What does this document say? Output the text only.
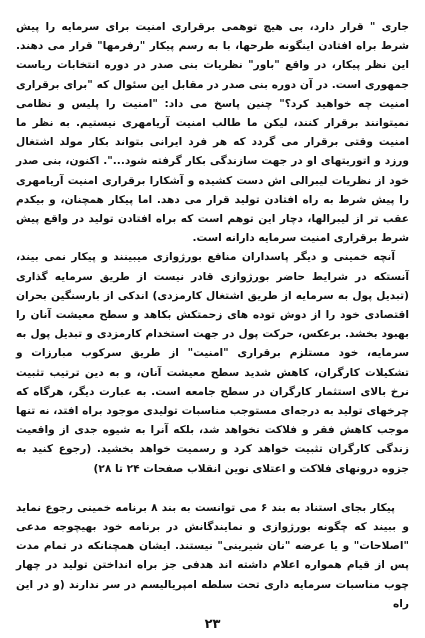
جاری " قرار دارد، بی هیچ توهمی برقراری امنیت برای سرمایه را پیش شرط براه افتادن اینگونه طرحها، با به رسم پیکار "رفرمها" قرار می دهند. این نظر پیکار، در واقع "باور" نظریات بنی صدر در دوره انتخابات ریاست جمهوری است. در آن دوره بنی صدر در مقابل این سئوال که "برای برقراری امنیت چه خواهید کرد؟" چنین پاسخ می داد: "امنیت را پلیس و نظامی نمیتوانند برقرار کنند، لیکن ما طالب امنیت آریامهری نیستیم. به نظر ما امنیت وقتی برقرار می گردد که هر فرد ایرانی بتواند بکار مولد اشتغال ورزد و اتوریتهای او در جهت سازندگی بکار گرفته شود...". اکنون، بنی صدر خود از نظریات لیبرالی اش دست کشیده و آشکارا برقراری امنیت آریامهری را پیش شرط به راه افتادن تولید قرار می دهد. اما پیکار همچنان، و بیکدم عقب تر از لیبرالها، دچار این توهم است که براه افتادن تولید در واقع پیش شرط برقراری امنیت سرمایه دارانه است.

آنچه خمینی و دیگر پاسداران منافع بورژوازی میبینند و پیکار نمی بیند، آنستکه در شرایط حاضر بورژوازی قادر نیست از طریق سرمایه گذاری (تبدیل پول به سرمایه از طریق اشتغال کارمزدی) اندکی از بارسنگین بحران اقتصادی خود را از دوش توده های زحمتکش بکاهد و سطح معیشت آنان را بهبود بخشد. برعکس، حرکت پول در جهت استخدام کارمزدی و تبدیل پول به سرمایه، خود مستلزم برقراری "امنیت" از طریق سرکوب مبارزات و تشکیلات کارگران، کاهش شدید سطح معیشت آنان، و به دین ترتیب تثبیت نرخ بالای استثمار کارگران در سطح جامعه است. به عبارت دیگر، هرگاه که چرخهای تولید به درجه‌ای مستوجب مناسبات تولیدی موجود براه افتد، نه تنها موجب کاهش فقر و فلاکت نخواهد شد، بلکه آنرا به شیوه جدی از واقعیت زندگی کارگران تثبیت خواهد کرد و رسمیت خواهد بخشید. (رجوع کنید به جزوه درونهای فلاکت و اعتلای نوین انقلاب صفحات ۲۴ تا ۲۸)

پیکار بجای استناد به بند ۶ می توانست به بند ۸ برنامه خمینی رجوع نماید و ببیند که چگونه بورژوازی و نمایندگانش در برنامه خود بهیچوجه مدعی "اصلاحات" و یا عرضه "نان شیرینی" نیستند. ایشان همچنانکه در تمام مدت پس از قیام همواره اعلام داشته اند هدفی جز براه انداختن تولید در چهار چوب مناسبات سرمایه داری تحت سلطه امپریالیسم در سر ندارند (و در این راه

۲۳
